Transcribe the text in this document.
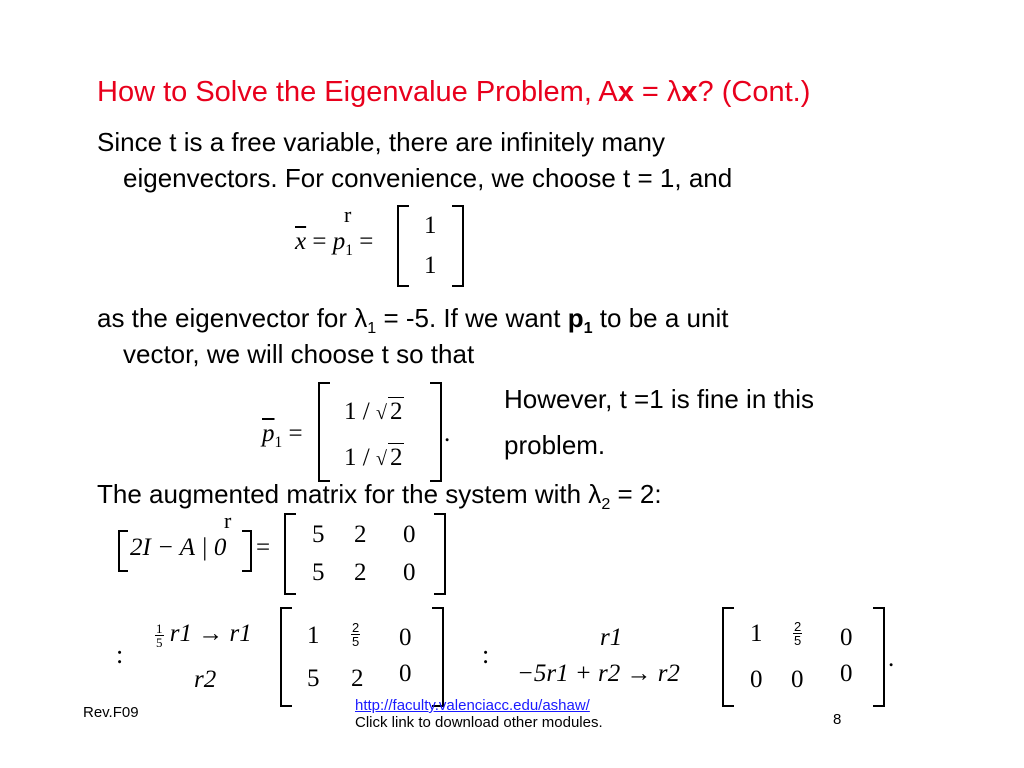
How to Solve the Eigenvalue Problem, Ax = λx? (Cont.)
Since t is a free variable, there are infinitely many
eigenvectors. For convenience, we choose t = 1, and
r
$\overline{x} = p_1$ =
1
1
as the eigenvector for $\lambda_1 = -5$. If we want $p_1$ to be a unit
vector, we will choose t so that
$\overline{p}_1$ =
1 / √ 2
1 / √ 2
.
However, t =1 is fine in this
problem.
The augmented matrix for the system with $\lambda_2 = 2$:
r
2I − A | 0 = 5 2 0
5 2 0
:
$\frac{1}{5} r1 \to r1$
r2
$1 \frac{2}{5} 0$
5 2 0
:
r1
−5r1 + r2 → r2
$1 \frac{2}{5} 0$
0 0 0
.
Rev.F09	http://faculty.valenciacc.edu/ashaw/
Click link to download other modules.	8
